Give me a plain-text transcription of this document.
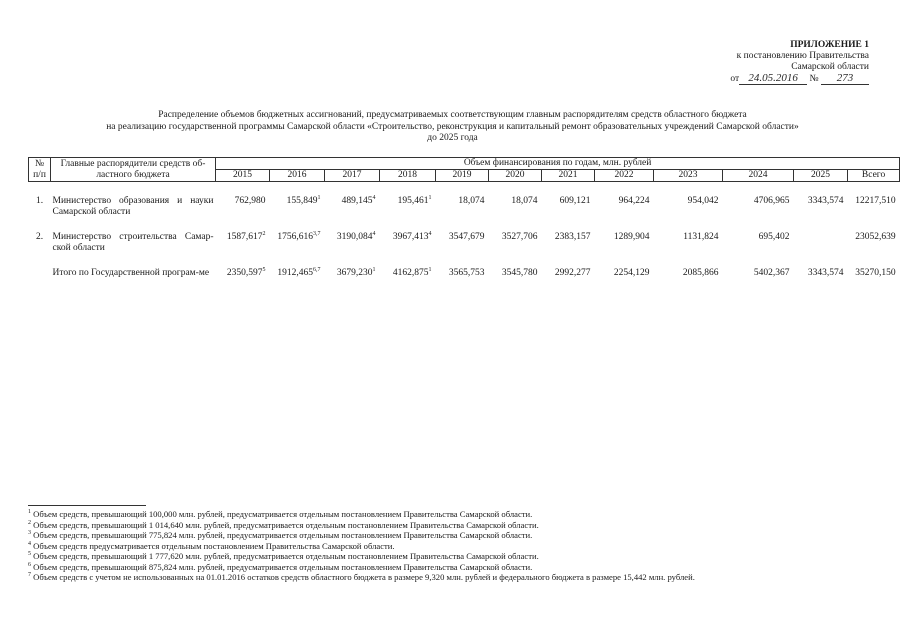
ПРИЛОЖЕНИЕ 1
к постановлению Правительства
Самарской области
от 24.05.2016 № 273
Распределение объемов бюджетных ассигнований, предусматриваемых соответствующим главным распорядителям средств областного бюджета
на реализацию государственной программы Самарской области «Строительство, реконструкция и капитальный ремонт образовательных учреждений Самарской области»
до 2025 года
№ п/п	Главные распорядители средств об-ластного бюджета	Объем финансирования по годам, млн. рублей											
		2015	2016	2017	2018	2019	2020	2021	2022	2023	2024	2025	Всего

1.	Министерство образования и науки Самарской области	762,980	155,849$^1$	489,145$^4$	195,461$^1$	18,074	18,074	609,121	964,224	954,042	4706,965	3343,574	12217,510

2.	Министерство строительства Самар-ской области	1587,617$^2$	1756,616$^{3,7}$	3190,084$^4$	3967,413$^4$	3547,679	3527,706	2383,157	1289,904	1131,824	695,402		23052,639

	Итого по Государственной програм-ме	2350,597$^5$	1912,465$^{6,7}$	3679,230$^1$	4162,875$^1$	3565,753	3545,780	2992,277	2254,129	2085,866	5402,367	3343,574	35270,150
$^1$ Объем средств, превышающий 100,000 млн. рублей, предусматривается отдельным постановлением Правительства Самарской области.
$^2$ Объем средств, превышающий 1 014,640 млн. рублей, предусматривается отдельным постановлением Правительства Самарской области.
$^3$ Объем средств, превышающий 775,824 млн. рублей, предусматривается отдельным постановлением Правительства Самарской области.
$^4$ Объем средств предусматривается отдельным постановлением Правительства Самарской области.
$^5$ Объем средств, превышающий 1 777,620 млн. рублей, предусматривается отдельным постановлением Правительства Самарской области.
$^6$ Объем средств, превышающий 875,824 млн. рублей, предусматривается отдельным постановлением Правительства Самарской области.
$^7$ Объем средств с учетом не использованных на 01.01.2016 остатков средств областного бюджета в размере 9,320 млн. рублей и федерального бюджета в размере 15,442 млн. рублей.
